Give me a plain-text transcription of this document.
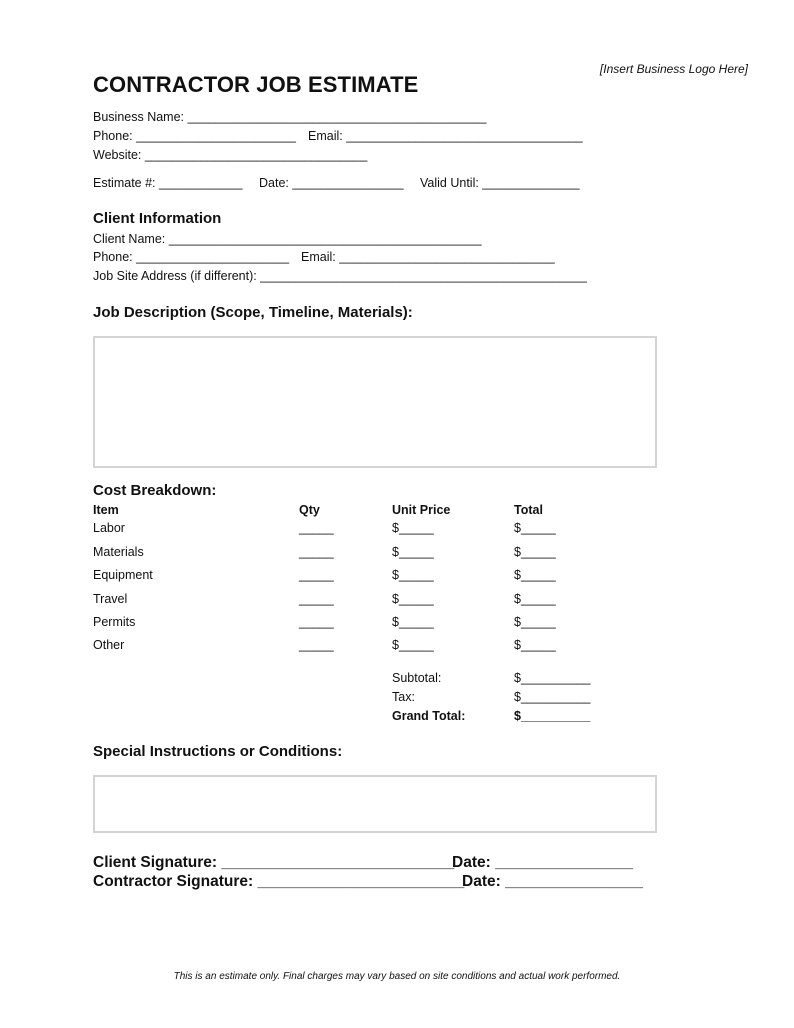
[Insert Business Logo Here]
CONTRACTOR JOB ESTIMATE
Business Name: ___________________________________________
Phone: _______________________ Email: __________________________________
Website: ________________________________
Estimate #: ____________ Date: ________________ Valid Until: ______________
Client Information
Client Name: _____________________________________________
Phone: ______________________ Email: _______________________________
Job Site Address (if different): _______________________________________________
Job Description (Scope, Timeline, Materials):
Cost Breakdown:
Item	Qty	Unit Price	Total
Labor	_____	$_____	$_____
Materials	_____	$_____	$_____
Equipment	_____	$_____	$_____
Travel	_____	$_____	$_____
Permits	_____	$_____	$_____
Other	_____	$_____	$_____
Subtotal:	$__________
Tax:	$__________
Grand Total:	$__________
Special Instructions or Conditions:
Client Signature: ___________________________
Date: ________________
Contractor Signature: ________________________
Date: ________________
This is an estimate only. Final charges may vary based on site conditions and actual work performed.
